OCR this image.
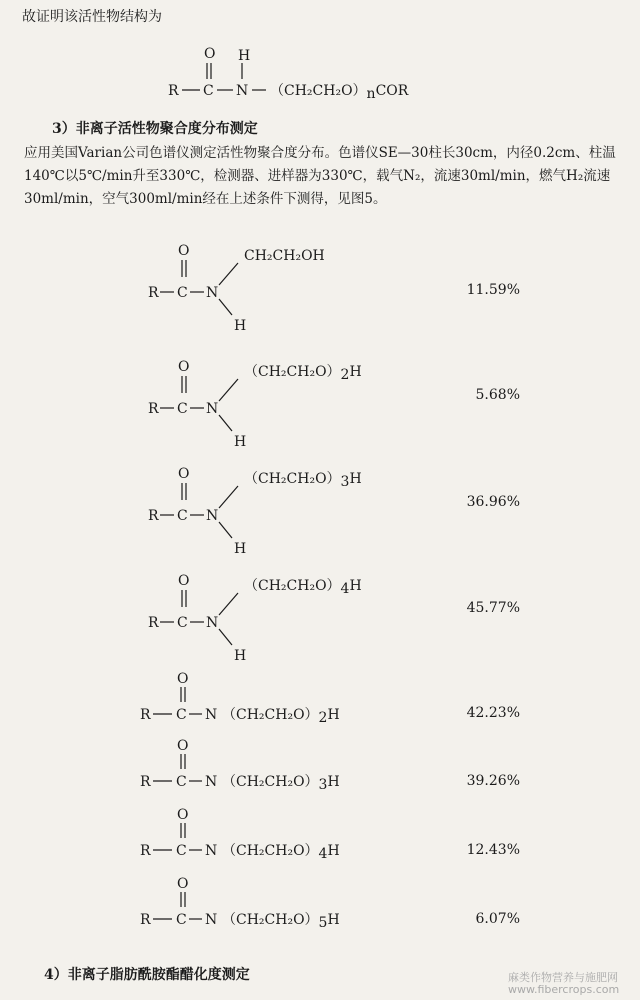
故证明该活性物结构为
O
R C N
H
（CH₂CH₂O）nCOR
3）非离子活性物聚合度分布测定
应用美国Varian公司色谱仪测定活性物聚合度分布。色谱仪SE—30柱长30cm，内径0.2cm、柱温140℃以5℃/min升至330℃，检测器、进样器为330℃，载气N₂，流速30ml/min，燃气H₂流速30ml/min，空气300ml/min经在上述条件下测得，见图5。
O
R C N
H
CH₂CH₂OH
O
R C N
H
（CH₂CH₂O）2H
O
R C N
H
（CH₂CH₂O）3H
O
R C N
H
（CH₂CH₂O）4H
O
R C N （CH₂CH₂O）2H
O
R C N （CH₂CH₂O）3H
O
R C N （CH₂CH₂O）4H
O
R C N （CH₂CH₂O）5H
11.59%
5.68%
36.96%
45.77%
42.23%
39.26%
12.43%
6.07%
4）非离子脂肪酰胺酯醋化度测定	麻类作物营养与施肥网
www.fibercrops.com
